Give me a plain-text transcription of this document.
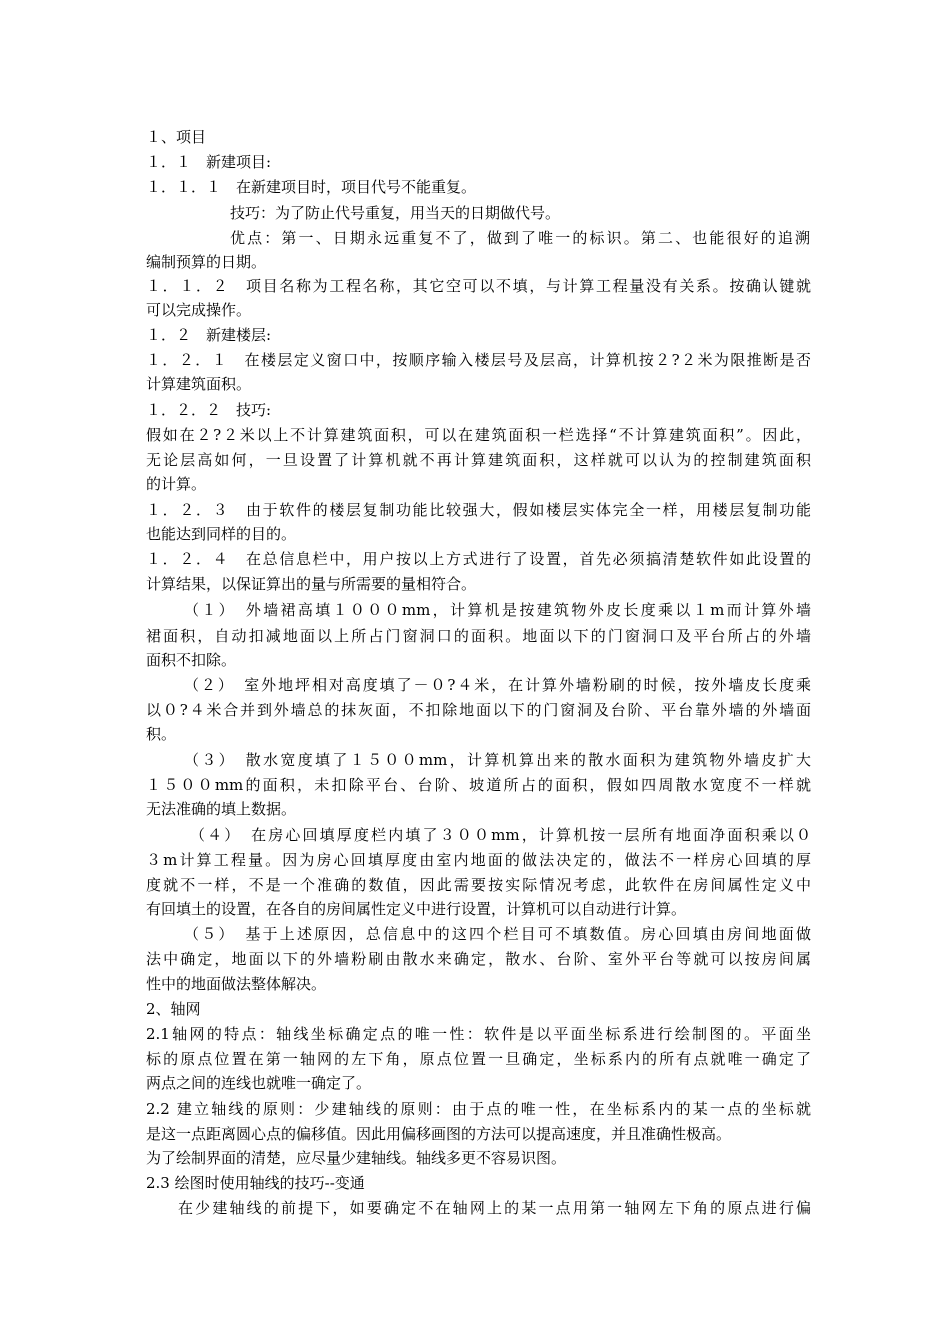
１、项目
１．１　新建项目:
１．１．１　在新建项目时，项目代号不能重复。
技巧：为了防止代号重复，用当天的日期做代号。
优点：第一、日期永远重复不了，做到了唯一的标识。第二、也能很好的追溯
编制预算的日期。
１．１．２　项目名称为工程名称，其它空可以不填，与计算工程量没有关系。按确认键就
可以完成操作。
１．２　新建楼层:
１．２．１　在楼层定义窗口中，按顺序输入楼层号及层高，计算机按２?２米为限推断是否
计算建筑面积。
１．２．２　技巧:
假如在２?２米以上不计算建筑面积，可以在建筑面积一栏选择“不计算建筑面积”。因此，
无论层高如何，一旦设置了计算机就不再计算建筑面积，这样就可以认为的控制建筑面积
的计算。
１．２．３　由于软件的楼层复制功能比较强大，假如楼层实体完全一样，用楼层复制功能
也能达到同样的目的。
１．２．４　在总信息栏中，用户按以上方式进行了设置，首先必须搞清楚软件如此设置的
计算结果，以保证算出的量与所需要的量相符合。
（１）　外墙裙高填１０００mm，计算机是按建筑物外皮长度乘以１m而计算外墙
裙面积，自动扣减地面以上所占门窗洞口的面积。地面以下的门窗洞口及平台所占的外墙
面积不扣除。
（２）　室外地坪相对高度填了－０?４米，在计算外墙粉刷的时候，按外墙皮长度乘
以０?４米合并到外墙总的抹灰面，不扣除地面以下的门窗洞及台阶、平台靠外墙的外墙面
积。
（３）　散水宽度填了１５００mm，计算机算出来的散水面积为建筑物外墙皮扩大
１５００mm的面积，未扣除平台、台阶、坡道所占的面积，假如四周散水宽度不一样就
无法准确的填上数据。
（４）　在房心回填厚度栏内填了３００mm，计算机按一层所有地面净面积乘以０
３m计算工程量。因为房心回填厚度由室内地面的做法决定的，做法不一样房心回填的厚
度就不一样，不是一个准确的数值，因此需要按实际情况考虑，此软件在房间属性定义中
有回填土的设置，在各自的房间属性定义中进行设置，计算机可以自动进行计算。
（５）　基于上述原因，总信息中的这四个栏目可不填数值。房心回填由房间地面做
法中确定，地面以下的外墙粉刷由散水来确定，散水、台阶、室外平台等就可以按房间属
性中的地面做法整体解决。
2、轴网
2.1轴网的特点：轴线坐标确定点的唯一性：软件是以平面坐标系进行绘制图的。平面坐
标的原点位置在第一轴网的左下角，原点位置一旦确定，坐标系内的所有点就唯一确定了
两点之间的连线也就唯一确定了。
2.2 建立轴线的原则：少建轴线的原则：由于点的唯一性，在坐标系内的某一点的坐标就
是这一点距离圆心点的偏移值。因此用偏移画图的方法可以提高速度，并且准确性极高。
为了绘制界面的清楚，应尽量少建轴线。轴线多更不容易识图。
2.3 绘图时使用轴线的技巧--变通
在少建轴线的前提下，如要确定不在轴网上的某一点用第一轴网左下角的原点进行偏
